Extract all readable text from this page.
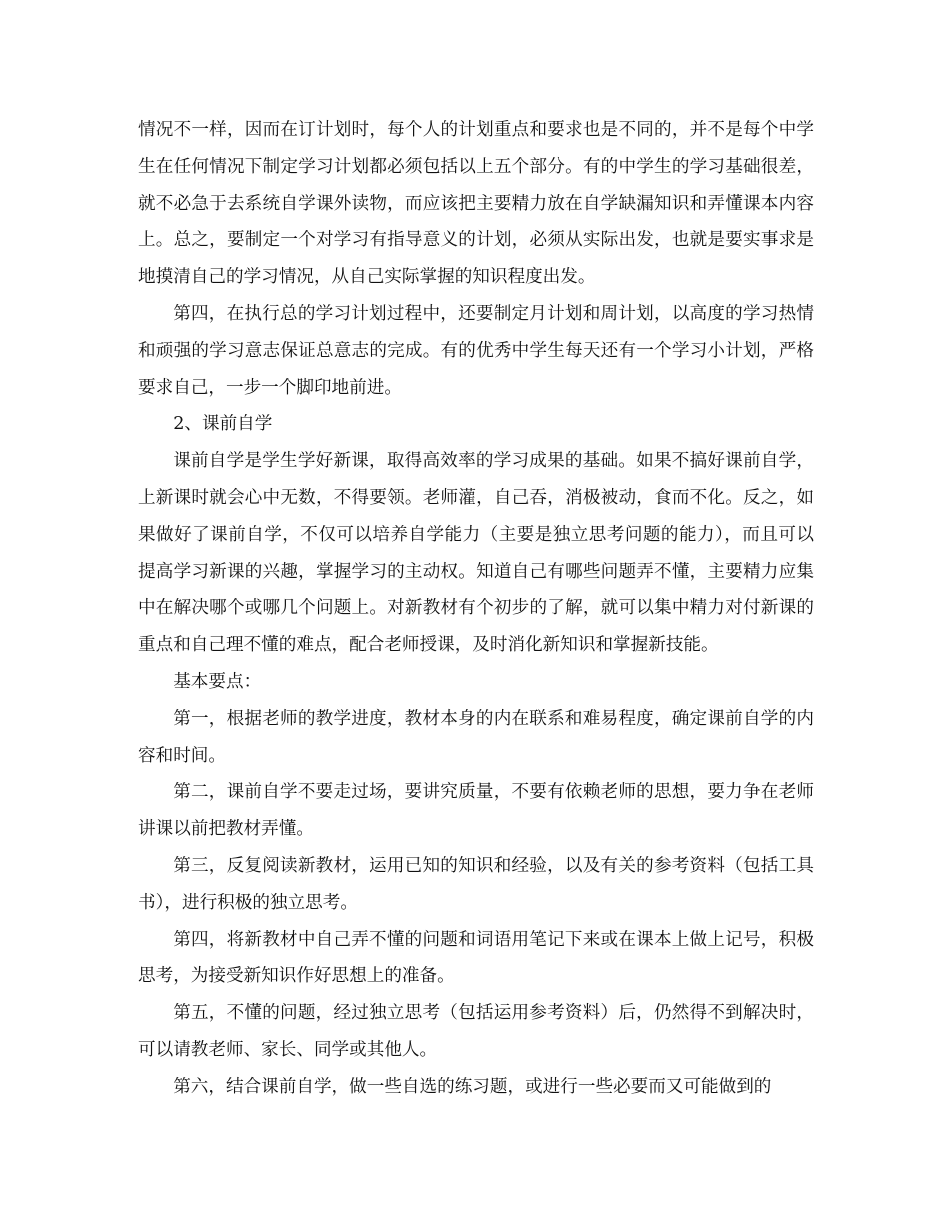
情况不一样，因而在订计划时，每个人的计划重点和要求也是不同的，并不是每个中学生在任何情况下制定学习计划都必须包括以上五个部分。有的中学生的学习基础很差，就不必急于去系统自学课外读物，而应该把主要精力放在自学缺漏知识和弄懂课本内容上。总之，要制定一个对学习有指导意义的计划，必须从实际出发，也就是要实事求是地摸清自己的学习情况，从自己实际掌握的知识程度出发。

第四，在执行总的学习计划过程中，还要制定月计划和周计划，以高度的学习热情和顽强的学习意志保证总意志的完成。有的优秀中学生每天还有一个学习小计划，严格要求自己，一步一个脚印地前进。

2、课前自学

课前自学是学生学好新课，取得高效率的学习成果的基础。如果不搞好课前自学，上新课时就会心中无数，不得要领。老师灌，自己吞，消极被动，食而不化。反之，如果做好了课前自学，不仅可以培养自学能力（主要是独立思考问题的能力），而且可以提高学习新课的兴趣，掌握学习的主动权。知道自己有哪些问题弄不懂，主要精力应集中在解决哪个或哪几个问题上。对新教材有个初步的了解，就可以集中精力对付新课的重点和自己理不懂的难点，配合老师授课，及时消化新知识和掌握新技能。

基本要点：

第一，根据老师的教学进度，教材本身的内在联系和难易程度，确定课前自学的内容和时间。

第二，课前自学不要走过场，要讲究质量，不要有依赖老师的思想，要力争在老师讲课以前把教材弄懂。

第三，反复阅读新教材，运用已知的知识和经验，以及有关的参考资料（包括工具书），进行积极的独立思考。

第四，将新教材中自己弄不懂的问题和词语用笔记下来或在课本上做上记号，积极思考，为接受新知识作好思想上的准备。

第五，不懂的问题，经过独立思考（包括运用参考资料）后，仍然得不到解决时，可以请教老师、家长、同学或其他人。

第六，结合课前自学，做一些自选的练习题，或进行一些必要而又可能做到的
